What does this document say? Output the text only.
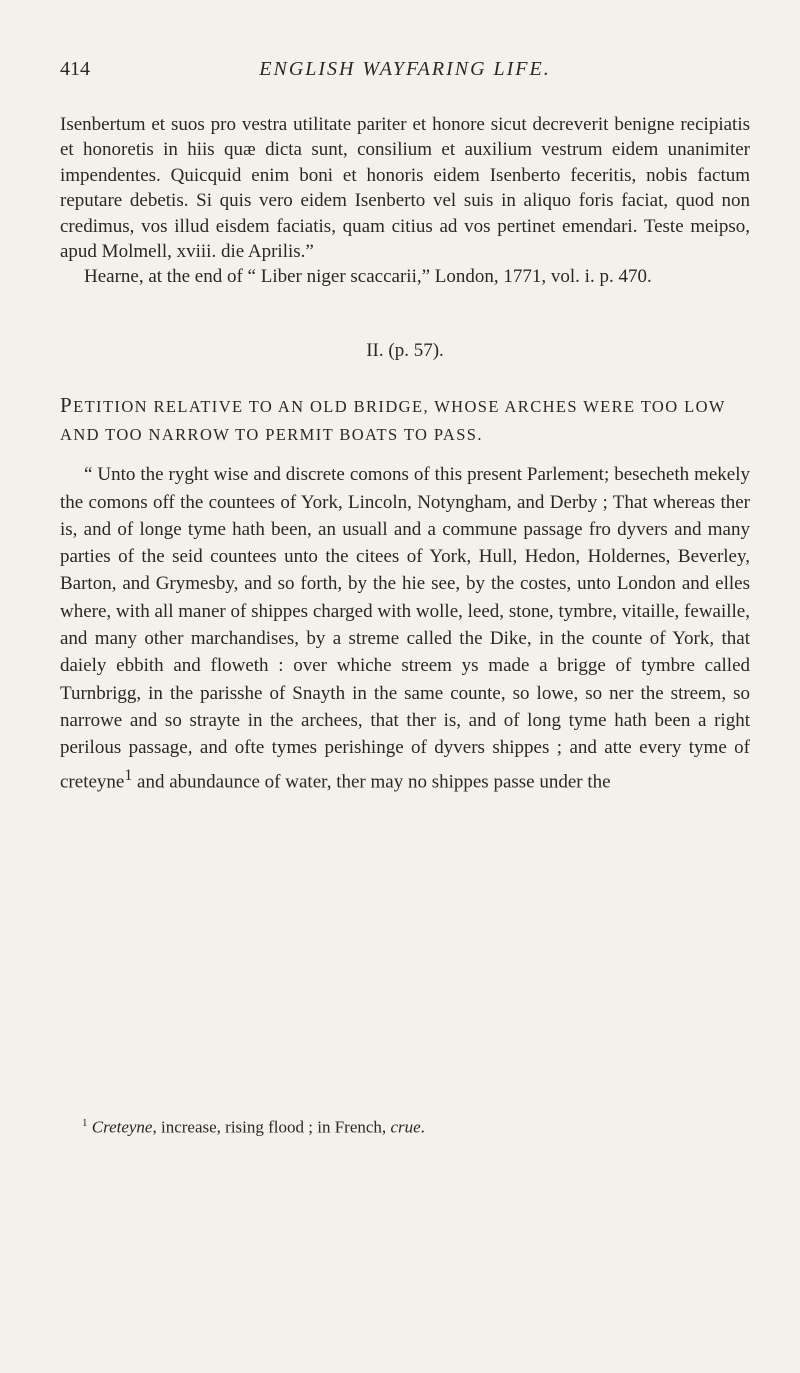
414	ENGLISH WAYFARING LIFE.

Isenbertum et suos pro vestra utilitate pariter et honore sicut decreverit benigne recipiatis et honoretis in hiis quæ dicta sunt, consilium et auxilium vestrum eidem unanimiter impendentes. Quicquid enim boni et honoris eidem Isenberto feceritis, nobis factum reputare debetis. Si quis vero eidem Isenberto vel suis in aliquo foris faciat, quod non credimus, vos illud eisdem faciatis, quam citius ad vos pertinet emendari. Teste meipso, apud Molmell, xviii. die Aprilis.”

Hearne, at the end of “ Liber niger scaccarii,” London, 1771, vol. i. p. 470.

II. (p. 57).
PETITION RELATIVE TO AN OLD BRIDGE, WHOSE ARCHES WERE TOO LOW AND TOO NARROW TO PERMIT BOATS TO PASS.

“ Unto the ryght wise and discrete comons of this present Parlement; besecheth mekely the comons off the countees of York, Lincoln, Notyngham, and Derby ; That whereas ther is, and of longe tyme hath been, an usuall and a commune passage fro dyvers and many parties of the seid countees unto the citees of York, Hull, Hedon, Holdernes, Beverley, Barton, and Grymesby, and so forth, by the hie see, by the costes, unto London and elles where, with all maner of shippes charged with wolle, leed, stone, tymbre, vitaille, fewaille, and many other marchandises, by a streme called the Dike, in the counte of York, that daiely ebbith and floweth : over whiche streem ys made a brigge of tymbre called Turnbrigg, in the parisshe of Snayth in the same counte, so lowe, so ner the streem, so narrowe and so strayte in the archees, that ther is, and of long tyme hath been a right perilous passage, and ofte tymes perishinge of dyvers shippes ; and atte every tyme of creteyne$^1$ and abundaunce of water, ther may no shippes passe under the

$^1$ Creteyne, increase, rising flood ; in French, crue.
